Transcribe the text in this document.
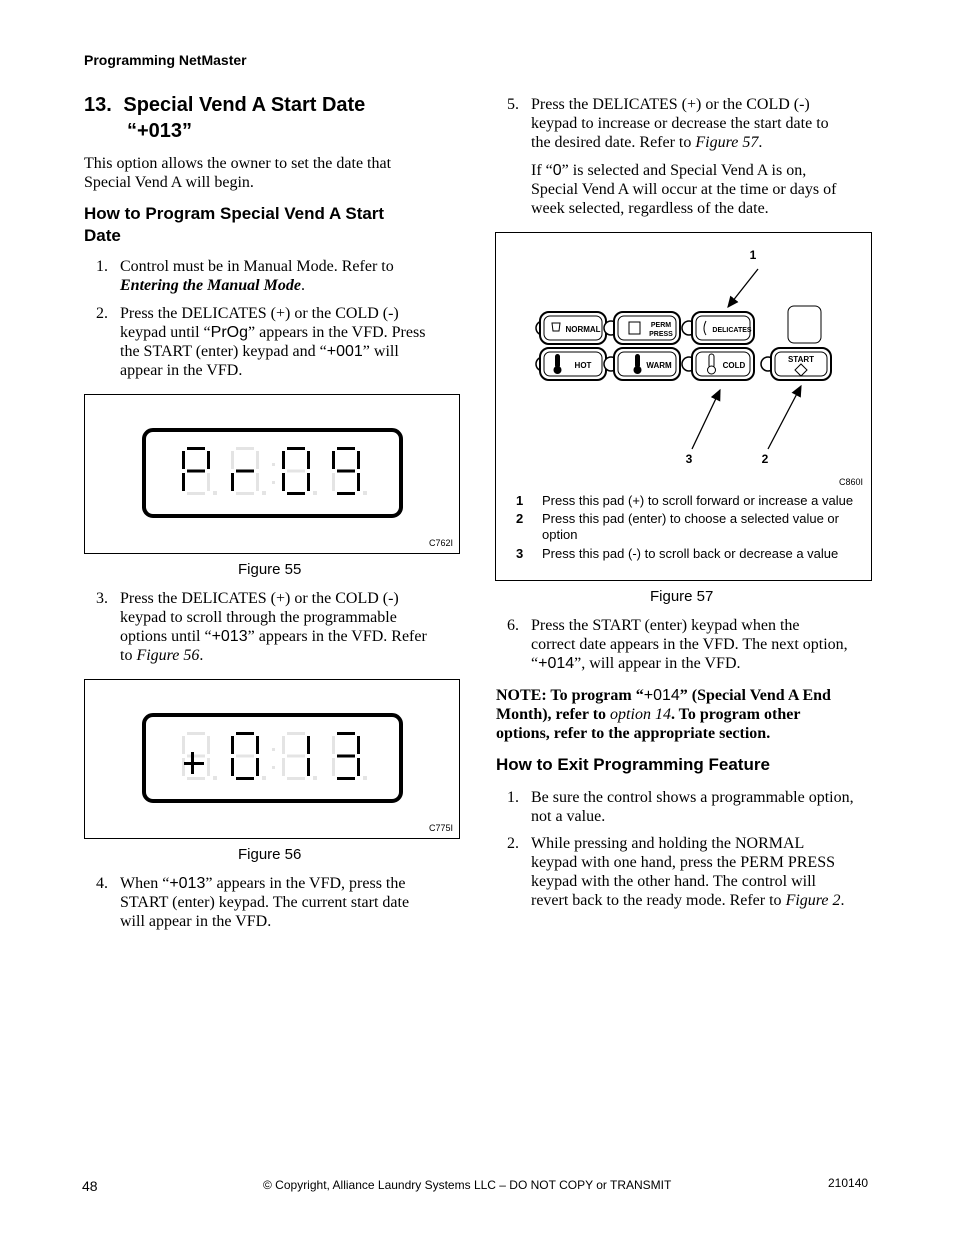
Programming NetMaster
13. Special Vend A Start Date
“+013”
This option allows the owner to set the date that
Special Vend A will begin.
How to Program Special Vend A Start
Date
1. Control must be in Manual Mode. Refer to
Entering the Manual Mode.
2. Press the DELICATES (+) or the COLD (-)
keypad until “PrOg” appears in the VFD. Press
the START (enter) keypad and “+001” will
appear in the VFD.
C762I
Figure 55
3. Press the DELICATES (+) or the COLD (-)
keypad to scroll through the programmable
options until “+013” appears in the VFD. Refer
to Figure 56.
C775I
Figure 56
4. When “+013” appears in the VFD, press the
START (enter) keypad. The current start date
will appear in the VFD.
5. Press the DELICATES (+) or the COLD (-)
keypad to increase or decrease the start date to
the desired date. Refer to Figure 57.
If “0” is selected and Special Vend A is on,
Special Vend A will occur at the time or days of
week selected, regardless of the date.
NORMAL	PERM
PRESS
DELICATES
HOT	WARM	COLD
START
1
3	2
C860I
1 Press this pad (+) to scroll forward or increase a value
2 Press this pad (enter) to choose a selected value or
option
3 Press this pad (-) to scroll back or decrease a value
Figure 57
6. Press the START (enter) keypad when the
correct date appears in the VFD. The next option,
“+014”, will appear in the VFD.
NOTE: To program “+014” (Special Vend A End
Month), refer to option 14. To program other
options, refer to the appropriate section.
How to Exit Programming Feature
1. Be sure the control shows a programmable option,
not a value.
2. While pressing and holding the NORMAL
keypad with one hand, press the PERM PRESS
keypad with the other hand. The control will
revert back to the ready mode. Refer to Figure 2.
48	© Copyright, Alliance Laundry Systems LLC – DO NOT COPY or TRANSMIT	210140
